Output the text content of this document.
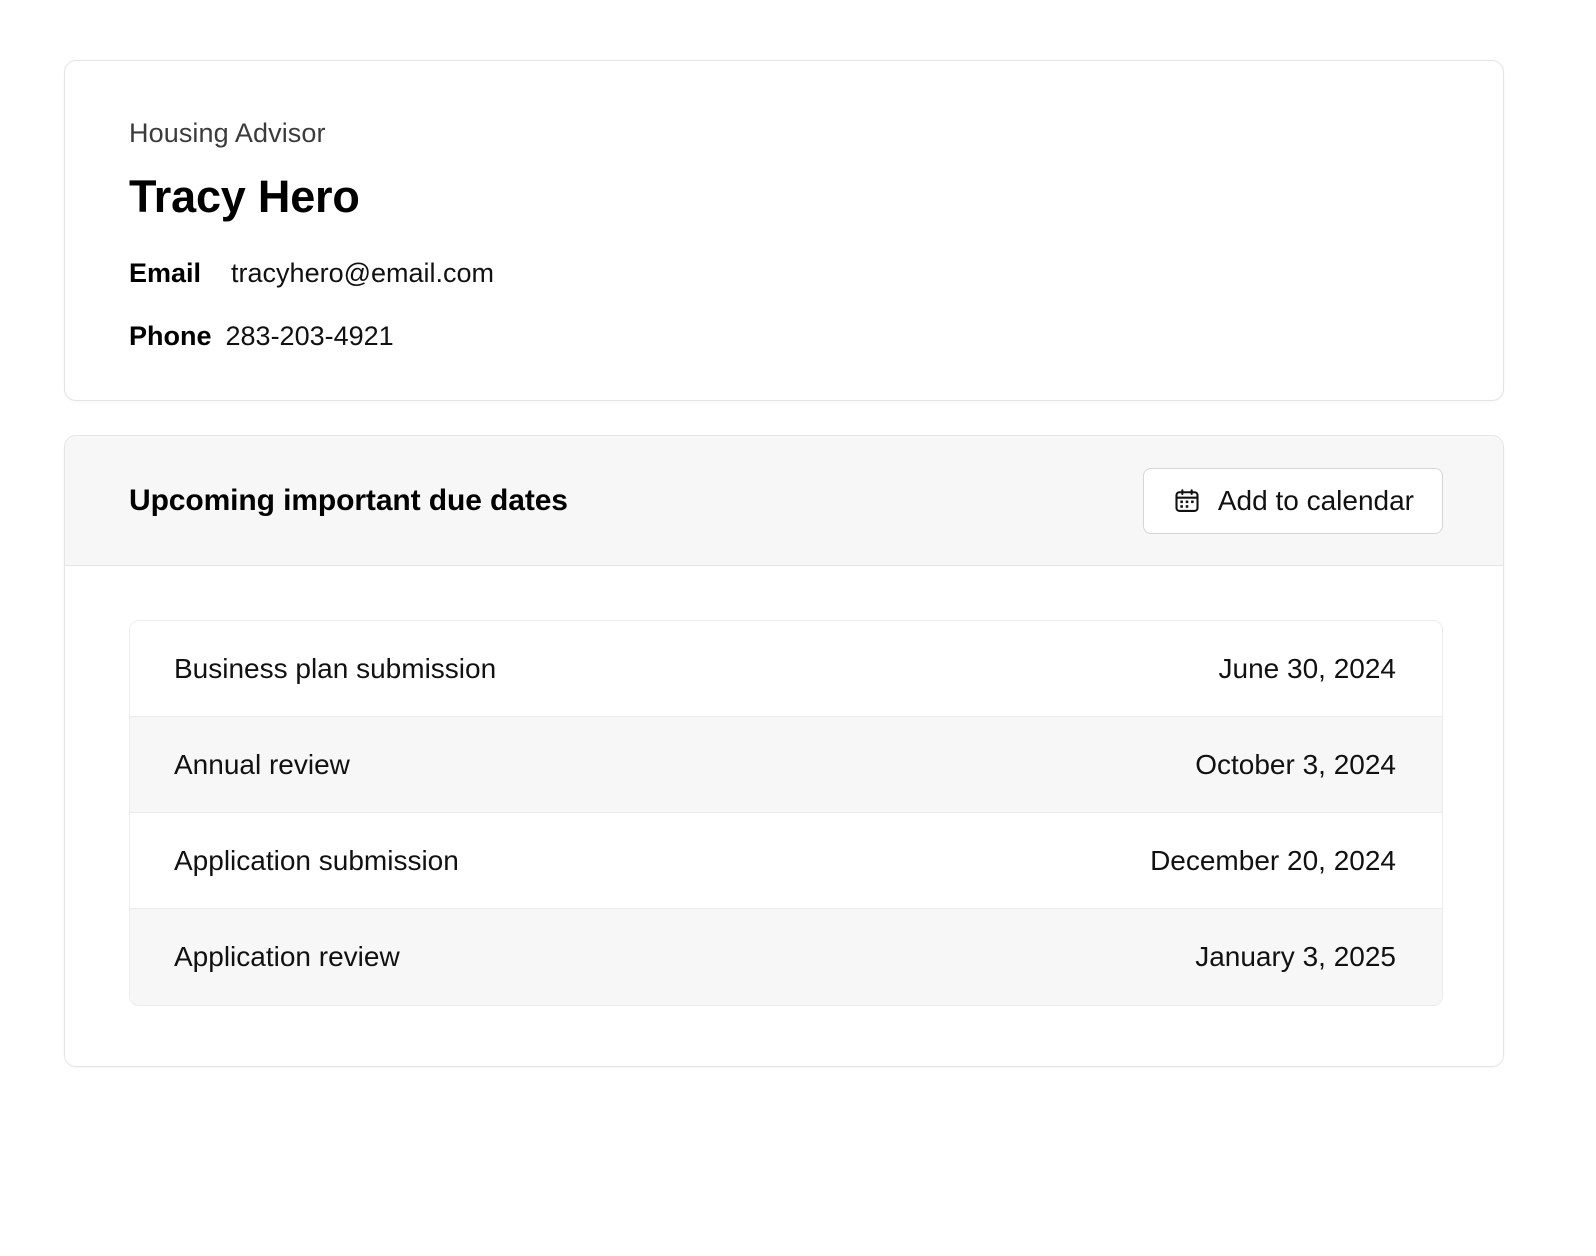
Housing Advisor
Tracy Hero
Email tracyhero@email.com
Phone 283-203-4921
Upcoming important due dates	Add to calendar
Business plan submission	June 30, 2024
Annual review	October 3, 2024
Application submission	December 20, 2024
Application review	January 3, 2025
